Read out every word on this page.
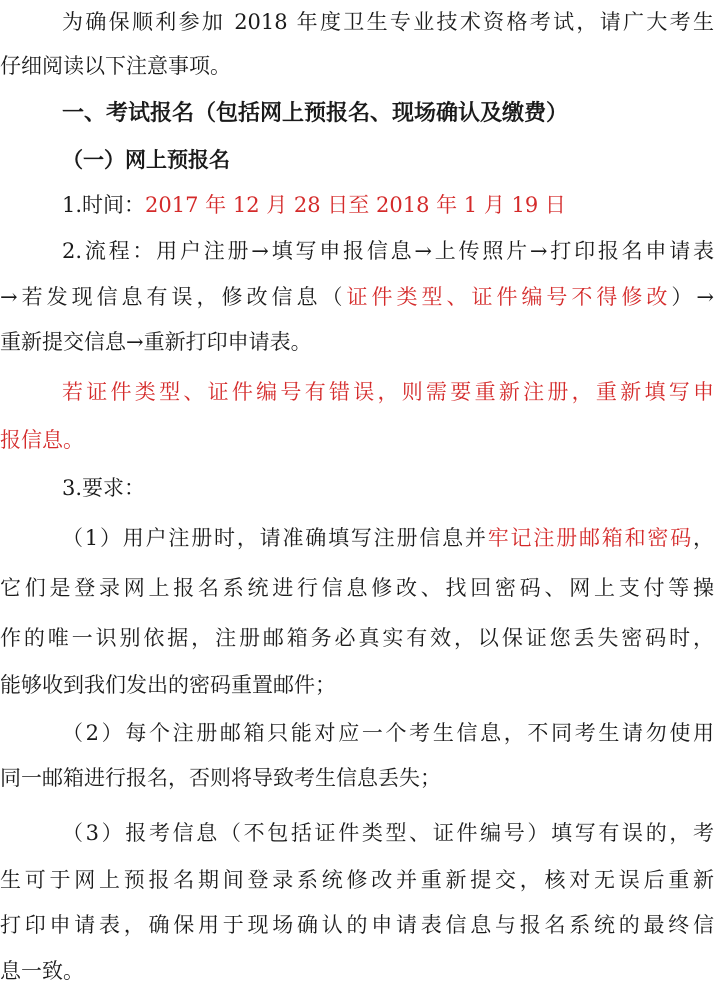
为确保顺利参加 2018 年度卫生专业技术资格考试，请广大考生
仔细阅读以下注意事项。
一、考试报名（包括网上预报名、现场确认及缴费）
（一）网上预报名
1.时间：2017 年 12 月 28 日至 2018 年 1 月 19 日
2.流程：用户注册→填写申报信息→上传照片→打印报名申请表
→若发现信息有误，修改信息（证件类型、证件编号不得修改）→
重新提交信息→重新打印申请表。
若证件类型、证件编号有错误，则需要重新注册，重新填写申
报信息。
3.要求：
（1）用户注册时，请准确填写注册信息并牢记注册邮箱和密码，
它们是登录网上报名系统进行信息修改、找回密码、网上支付等操
作的唯一识别依据，注册邮箱务必真实有效，以保证您丢失密码时，
能够收到我们发出的密码重置邮件；
（2）每个注册邮箱只能对应一个考生信息，不同考生请勿使用
同一邮箱进行报名，否则将导致考生信息丢失；
（3）报考信息（不包括证件类型、证件编号）填写有误的，考
生可于网上预报名期间登录系统修改并重新提交，核对无误后重新
打印申请表，确保用于现场确认的申请表信息与报名系统的最终信
息一致。
